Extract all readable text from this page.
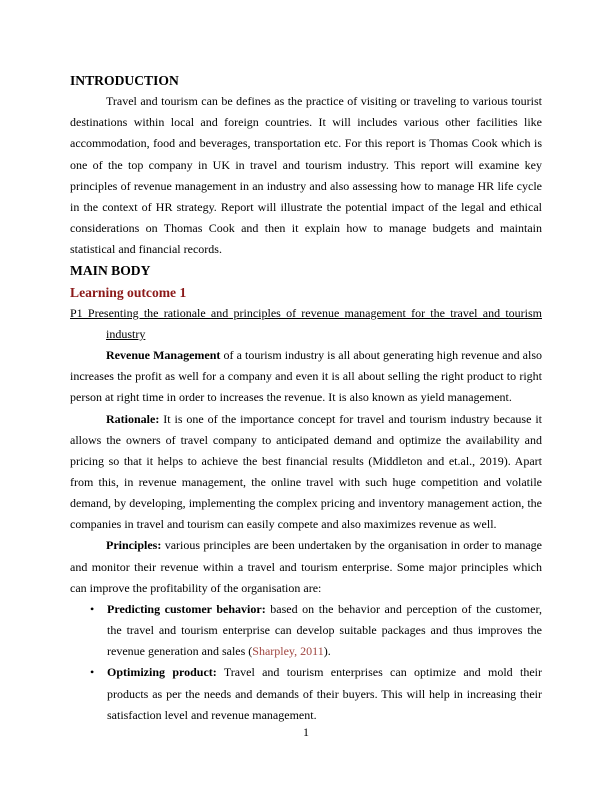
INTRODUCTION

Travel and tourism can be defines as the practice of visiting or traveling to various tourist destinations within local and foreign countries. It will includes various other facilities like accommodation, food and beverages, transportation etc. For this report is Thomas Cook which is one of the top company in UK in travel and tourism industry. This report will examine key principles of revenue management in an industry and also assessing how to manage HR life cycle in the context of HR strategy. Report will illustrate the potential impact of the legal and ethical considerations on Thomas Cook and then it explain how to manage budgets and maintain statistical and financial records.

MAIN BODY
Learning outcome 1
P1 Presenting the rationale and principles of revenue management for the travel and tourism industry

Revenue Management of a tourism industry is all about generating high revenue and also increases the profit as well for a company and even it is all about selling the right product to right person at right time in order to increases the revenue. It is also known as yield management.

Rationale: It is one of the importance concept for travel and tourism industry because it allows the owners of travel company to anticipated demand and optimize the availability and pricing so that it helps to achieve the best financial results (Middleton and et.al., 2019). Apart from this, in revenue management, the online travel with such huge competition and volatile demand, by developing, implementing the complex pricing and inventory management action, the companies in travel and tourism can easily compete and also maximizes revenue as well.

Principles: various principles are been undertaken by the organisation in order to manage and monitor their revenue within a travel and tourism enterprise. Some major principles which can improve the profitability of the organisation are:

• Predicting customer behavior: based on the behavior and perception of the customer, the travel and tourism enterprise can develop suitable packages and thus improves the revenue generation and sales (Sharpley, 2011).
• Optimizing product: Travel and tourism enterprises can optimize and mold their products as per the needs and demands of their buyers. This will help in increasing their satisfaction level and revenue management.
1
